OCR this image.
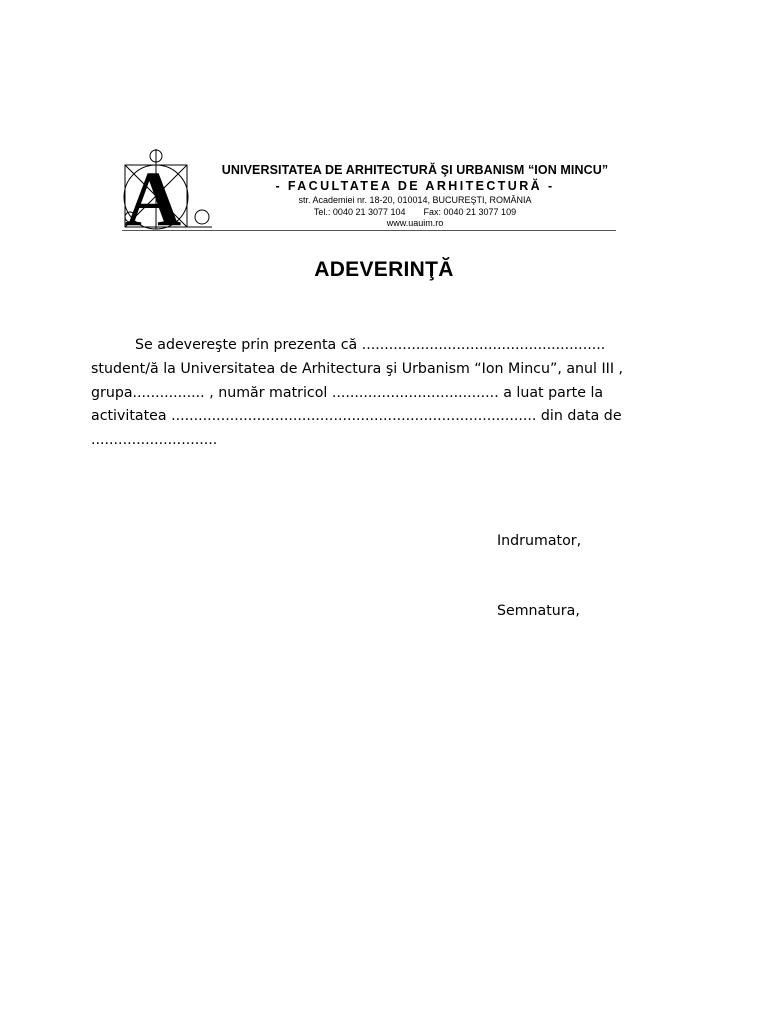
A	UNIVERSITATEA DE ARHITECTURĂ ŞI URBANISM “ION MINCU”
- FACULTATEA DE ARHITECTURĂ -
str. Academiei nr. 18-20, 010014, BUCUREŞTI, ROMÂNIA
Tel.: 0040 21 3077 104 Fax: 0040 21 3077 109
www.uauim.ro
ADEVERINŢĂ
Se adevereşte prin prezenta că ......................................................
student/ă la Universitatea de Arhitectura şi Urbanism “Ion Mincu”, anul III ,
grupa................ , număr matricol ..................................... a luat parte la
activitatea ................................................................................. din data de
............................
Indrumator,
Semnatura,
